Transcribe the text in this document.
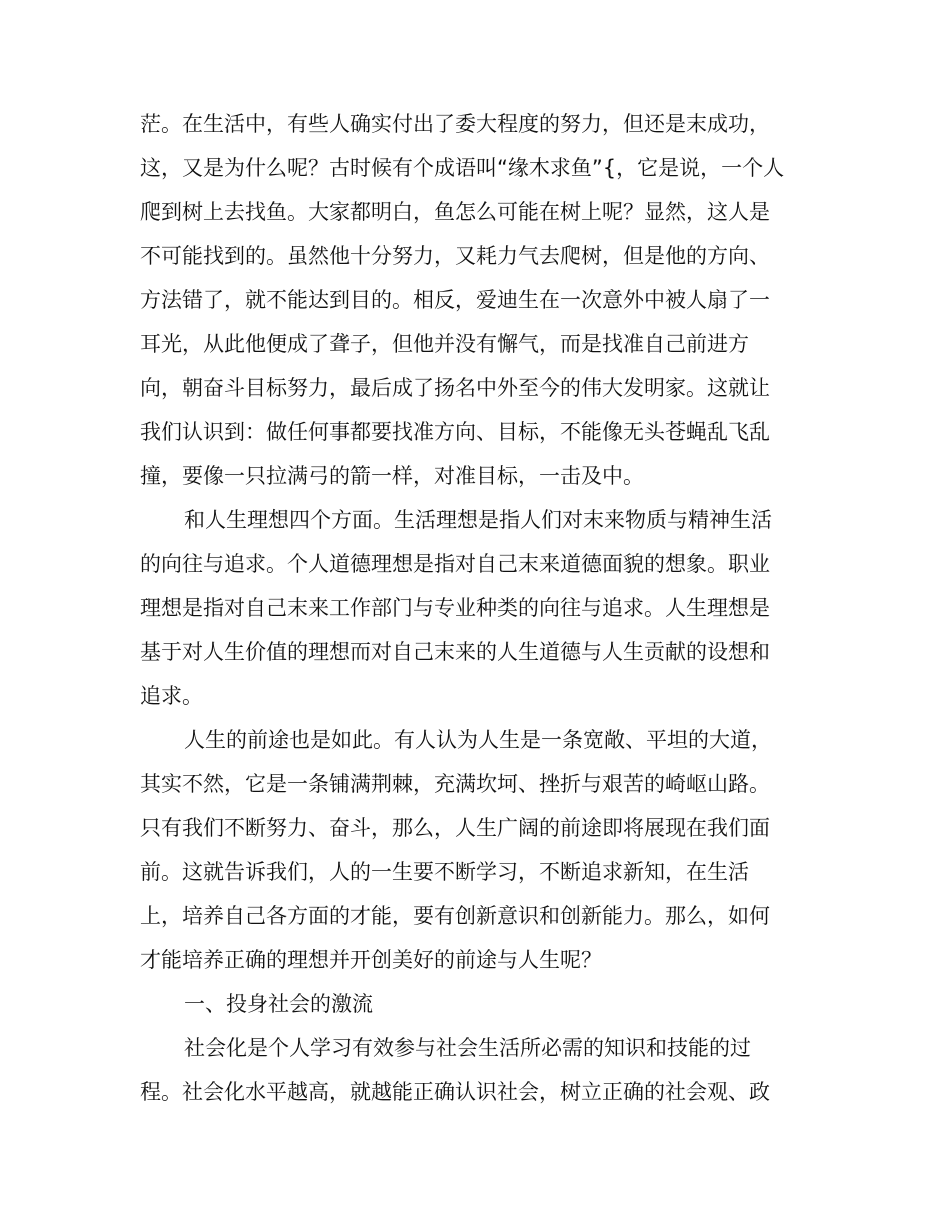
茫。在生活中，有些人确实付出了委大程度的努力，但还是末成功，
这，又是为什么呢？古时候有个成语叫“缘木求鱼”{，它是说，一个人
爬到树上去找鱼。大家都明白，鱼怎么可能在树上呢？显然，这人是
不可能找到的。虽然他十分努力，又耗力气去爬树，但是他的方向、
方法错了，就不能达到目的。相反，爱迪生在一次意外中被人扇了一
耳光，从此他便成了聋子，但他并没有懈气，而是找准自己前进方
向，朝奋斗目标努力，最后成了扬名中外至今的伟大发明家。这就让
我们认识到：做任何事都要找准方向、目标，不能像无头苍蝇乱飞乱
撞，要像一只拉满弓的箭一样，对准目标，一击及中。
和人生理想四个方面。生活理想是指人们对末来物质与精神生活
的向往与追求。个人道德理想是指对自己末来道德面貌的想象。职业
理想是指对自己末来工作部门与专业种类的向往与追求。人生理想是
基于对人生价值的理想而对自己末来的人生道德与人生贡献的设想和
追求。
人生的前途也是如此。有人认为人生是一条宽敞、平坦的大道，
其实不然，它是一条铺满荆棘，充满坎坷、挫折与艰苦的崎岖山路。
只有我们不断努力、奋斗，那么，人生广阔的前途即将展现在我们面
前。这就告诉我们，人的一生要不断学习，不断追求新知，在生活
上，培养自己各方面的才能，要有创新意识和创新能力。那么，如何
才能培养正确的理想并开创美好的前途与人生呢？
一、投身社会的激流
社会化是个人学习有效参与社会生活所必需的知识和技能的过
程。社会化水平越高，就越能正确认识社会，树立正确的社会观、政
